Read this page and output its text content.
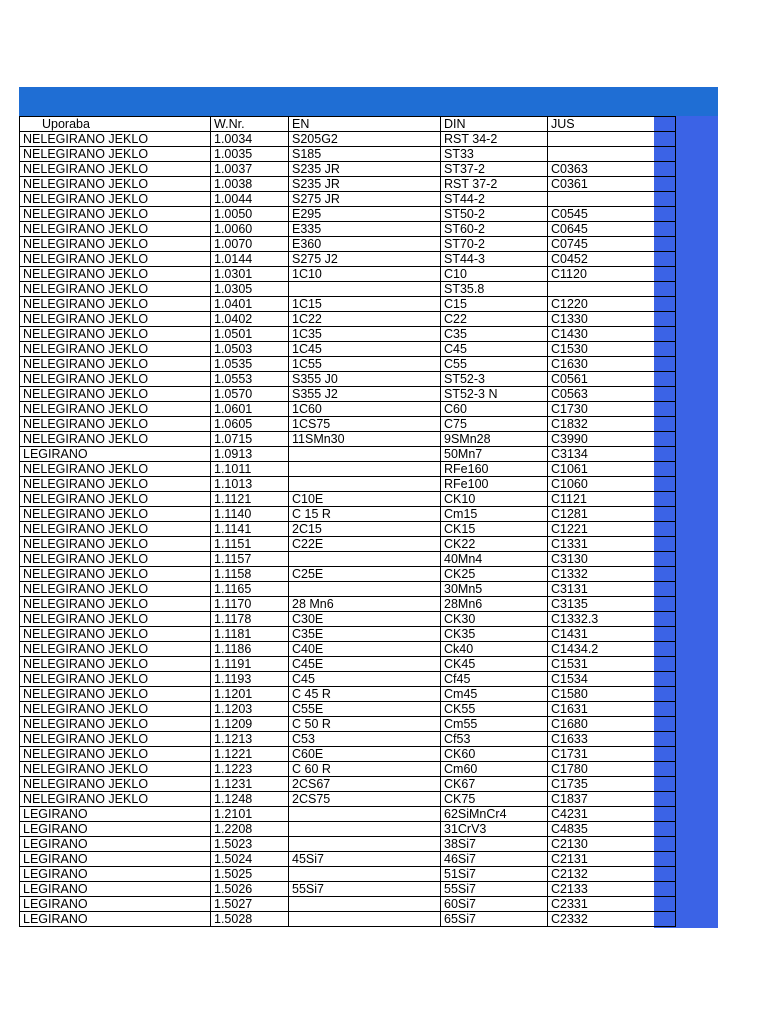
Uporaba	W.Nr.	EN	DIN	JUS
NELEGIRANO JEKLO	1.0034	S205G2	RST 34-2	
NELEGIRANO JEKLO	1.0035	S185	ST33	
NELEGIRANO JEKLO	1.0037	S235 JR	ST37-2	C0363
NELEGIRANO JEKLO	1.0038	S235 JR	RST 37-2	C0361
NELEGIRANO JEKLO	1.0044	S275 JR	ST44-2	
NELEGIRANO JEKLO	1.0050	E295	ST50-2	C0545
NELEGIRANO JEKLO	1.0060	E335	ST60-2	C0645
NELEGIRANO JEKLO	1.0070	E360	ST70-2	C0745
NELEGIRANO JEKLO	1.0144	S275 J2	ST44-3	C0452
NELEGIRANO JEKLO	1.0301	1C10	C10	C1120
NELEGIRANO JEKLO	1.0305		ST35.8	
NELEGIRANO JEKLO	1.0401	1C15	C15	C1220
NELEGIRANO JEKLO	1.0402	1C22	C22	C1330
NELEGIRANO JEKLO	1.0501	1C35	C35	C1430
NELEGIRANO JEKLO	1.0503	1C45	C45	C1530
NELEGIRANO JEKLO	1.0535	1C55	C55	C1630
NELEGIRANO JEKLO	1.0553	S355 J0	ST52-3	C0561
NELEGIRANO JEKLO	1.0570	S355 J2	ST52-3 N	C0563
NELEGIRANO JEKLO	1.0601	1C60	C60	C1730
NELEGIRANO JEKLO	1.0605	1CS75	C75	C1832
NELEGIRANO JEKLO	1.0715	11SMn30	9SMn28	C3990
LEGIRANO	1.0913		50Mn7	C3134
NELEGIRANO JEKLO	1.1011		RFe160	C1061
NELEGIRANO JEKLO	1.1013		RFe100	C1060
NELEGIRANO JEKLO	1.1121	C10E	CK10	C1121
NELEGIRANO JEKLO	1.1140	C 15 R	Cm15	C1281
NELEGIRANO JEKLO	1.1141	2C15	CK15	C1221
NELEGIRANO JEKLO	1.1151	C22E	CK22	C1331
NELEGIRANO JEKLO	1.1157		40Mn4	C3130
NELEGIRANO JEKLO	1.1158	C25E	CK25	C1332
NELEGIRANO JEKLO	1.1165		30Mn5	C3131
NELEGIRANO JEKLO	1.1170	28 Mn6	28Mn6	C3135
NELEGIRANO JEKLO	1.1178	C30E	CK30	C1332.3
NELEGIRANO JEKLO	1.1181	C35E	CK35	C1431
NELEGIRANO JEKLO	1.1186	C40E	Ck40	C1434.2
NELEGIRANO JEKLO	1.1191	C45E	CK45	C1531
NELEGIRANO JEKLO	1.1193	C45	Cf45	C1534
NELEGIRANO JEKLO	1.1201	C 45 R	Cm45	C1580
NELEGIRANO JEKLO	1.1203	C55E	CK55	C1631
NELEGIRANO JEKLO	1.1209	C 50 R	Cm55	C1680
NELEGIRANO JEKLO	1.1213	C53	Cf53	C1633
NELEGIRANO JEKLO	1.1221	C60E	CK60	C1731
NELEGIRANO JEKLO	1.1223	C 60 R	Cm60	C1780
NELEGIRANO JEKLO	1.1231	2CS67	CK67	C1735
NELEGIRANO JEKLO	1.1248	2CS75	CK75	C1837
LEGIRANO	1.2101		62SiMnCr4	C4231
LEGIRANO	1.2208		31CrV3	C4835
LEGIRANO	1.5023		38Si7	C2130
LEGIRANO	1.5024	45Si7	46Si7	C2131
LEGIRANO	1.5025		51Si7	C2132
LEGIRANO	1.5026	55Si7	55Si7	C2133
LEGIRANO	1.5027		60Si7	C2331
LEGIRANO	1.5028		65Si7	C2332
